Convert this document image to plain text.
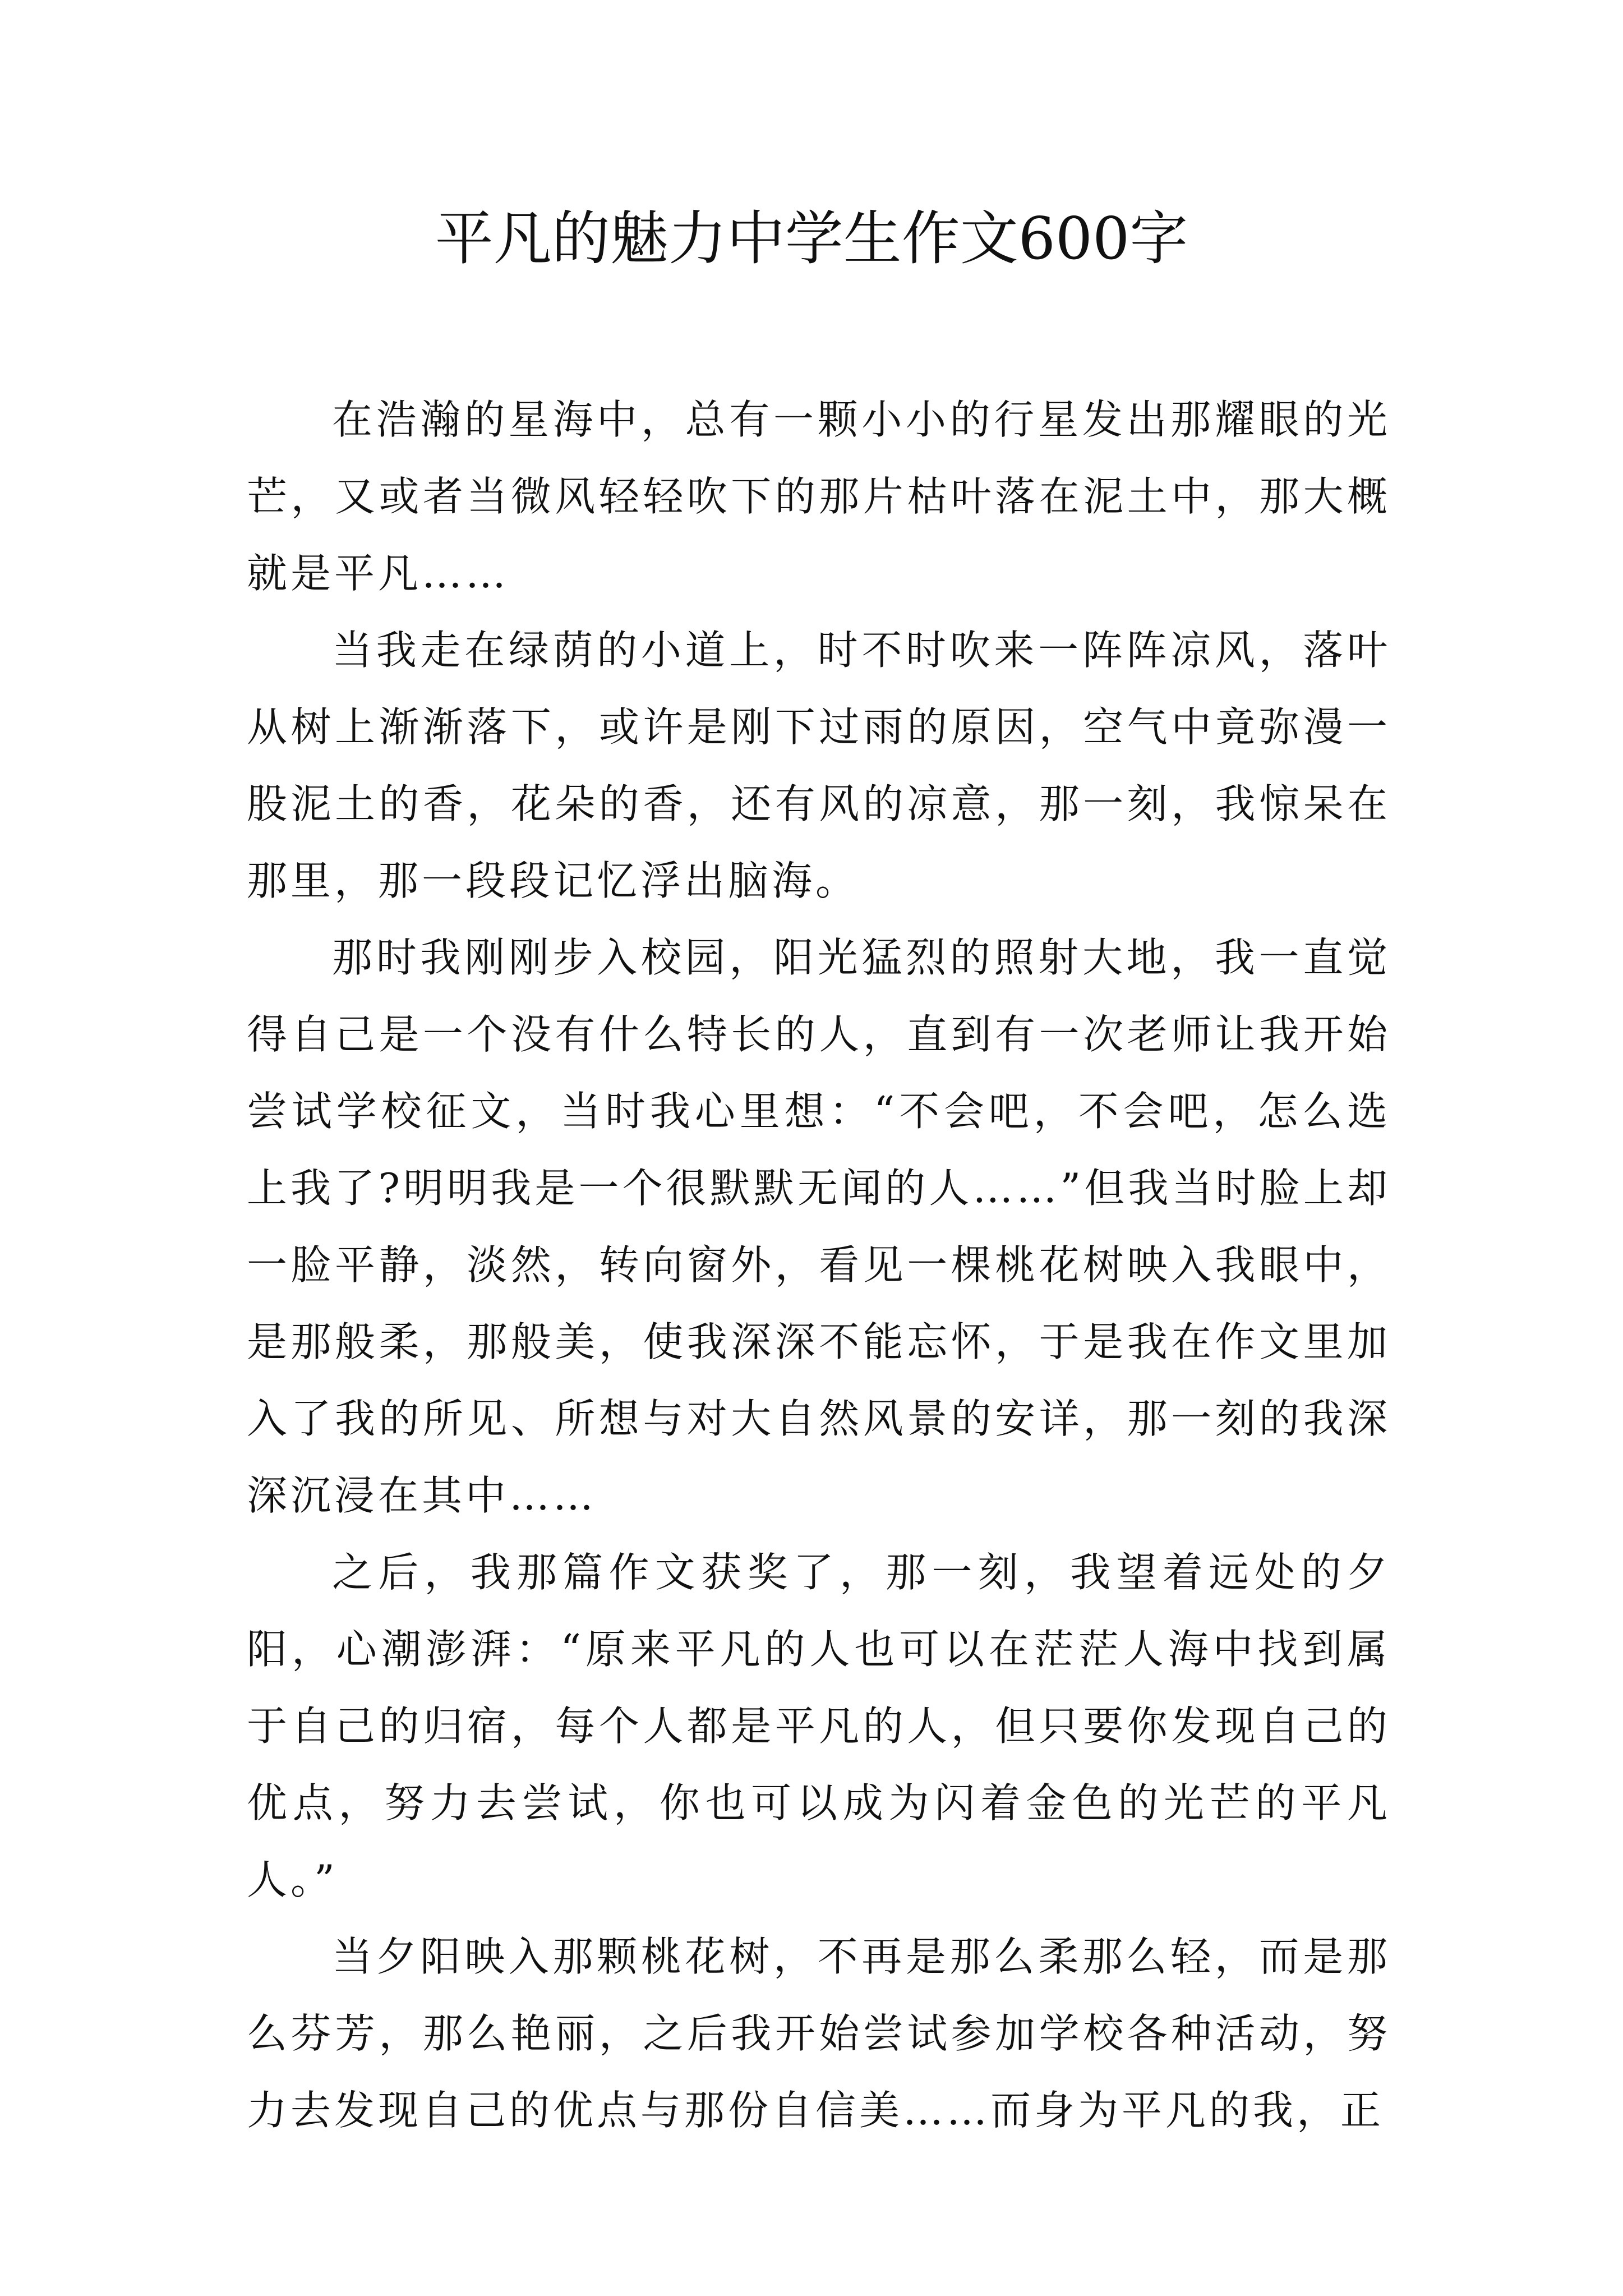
平凡的魅力中学生作文600字

在浩瀚的星海中，总有一颗小小的行星发出那耀眼的光芒，又或者当微风轻轻吹下的那片枯叶落在泥土中，那大概就是平凡……

当我走在绿荫的小道上，时不时吹来一阵阵凉风，落叶从树上渐渐落下，或许是刚下过雨的原因，空气中竟弥漫一股泥土的香，花朵的香，还有风的凉意，那一刻，我惊呆在那里，那一段段记忆浮出脑海。

那时我刚刚步入校园，阳光猛烈的照射大地，我一直觉得自己是一个没有什么特长的人，直到有一次老师让我开始尝试学校征文，当时我心里想：“不会吧，不会吧，怎么选上我了?明明我是一个很默默无闻的人……”但我当时脸上却一脸平静，淡然，转向窗外，看见一棵桃花树映入我眼中，是那般柔，那般美，使我深深不能忘怀，于是我在作文里加入了我的所见、所想与对大自然风景的安详，那一刻的我深深沉浸在其中……

之后，我那篇作文获奖了，那一刻，我望着远处的夕阳，心潮澎湃：“原来平凡的人也可以在茫茫人海中找到属于自己的归宿，每个人都是平凡的人，但只要你发现自己的优点，努力去尝试，你也可以成为闪着金色的光芒的平凡人。”

当夕阳映入那颗桃花树，不再是那么柔那么轻，而是那么芬芳，那么艳丽，之后我开始尝试参加学校各种活动，努力去发现自己的优点与那份自信美……而身为平凡的我，正
